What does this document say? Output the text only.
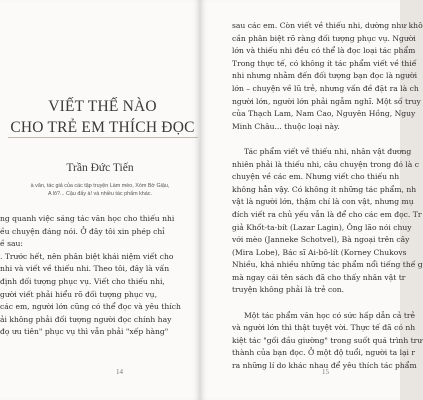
VIẾT THẾ NÀO
CHO TRẺ EM THÍCH ĐỌC
Trần Đức Tiến
à văn, tác giả của các tập truyện Làm mèo, Xóm Bờ Giậu,
A lô?... Cậu đấy à! và nhiều tác phẩm khác.
ng quanh việc sáng tác văn học cho thiếu nhi
ều chuyện đáng nói. Ở đây tôi xin phép chỉ
ề sau:
. Trước hết, nên phân biệt khái niệm viết cho
nhi và viết về thiếu nhi. Theo tôi, đây là vấn
định đối tượng phục vụ. Viết cho thiếu nhi,
gười viết phải hiểu rõ đối tượng phục vụ,
các em, người lớn cũng có thể đọc và yêu thích
ải không phải đối tượng người đọc chính hay
đọ ưu tiên" phục vụ thì vẫn phải "xếp hàng"
14
sau các em. Còn viết về thiếu nhi, dường như khô
cần phân biệt rõ ràng đối tượng phục vụ. Người
lớn và thiếu nhi đều có thể là đọc loại tác phẩm
Trong thực tế, có không ít tác phẩm viết về thiế
nhi nhưng nhằm đến đối tượng bạn đọc là người
lớn – chuyện về lũ trẻ, nhưng vấn đề đặt ra là ch
người lớn, người lớn phải ngẫm nghĩ. Một số truy
của Thạch Lam, Nam Cao, Nguyên Hồng, Nguy
Minh Châu... thuộc loại này.

Tác phẩm viết về thiếu nhi, nhân vật đương
nhiên phải là thiếu nhi, câu chuyện trong đó là c
chuyện về các em. Nhưng viết cho thiếu nh
không hẳn vậy. Có không ít những tác phẩm, nh
vật là người lớn, thậm chí là con vật, nhưng mụ
đích viết ra chủ yếu vẫn là để cho các em đọc. Tr
giả Khốt-ta-bít (Lazar Lagin), Ông lão nói chuy
với mèo (Janneke Schotvel), Bà ngoại trên cây
(Mira Lobe), Bác sĩ Ai-bô-lít (Korney Chukovs
Nhiều, khá nhiều những tác phẩm nổi tiếng thế g
mà ngay cái tên sách đã cho thấy nhân vật tr
truyện không phải là trẻ con.

Một tác phẩm văn học có sức hấp dẫn cả trẻ
và người lớn thì thật tuyệt vời. Thực tế đã có nh
kiệt tác "gối đầu giường" trong suốt quá trình trư
thành của bạn đọc. Ở một độ tuổi, người ta lại r
ra những lí do khác nhau để yêu thích tác phẩm
15
